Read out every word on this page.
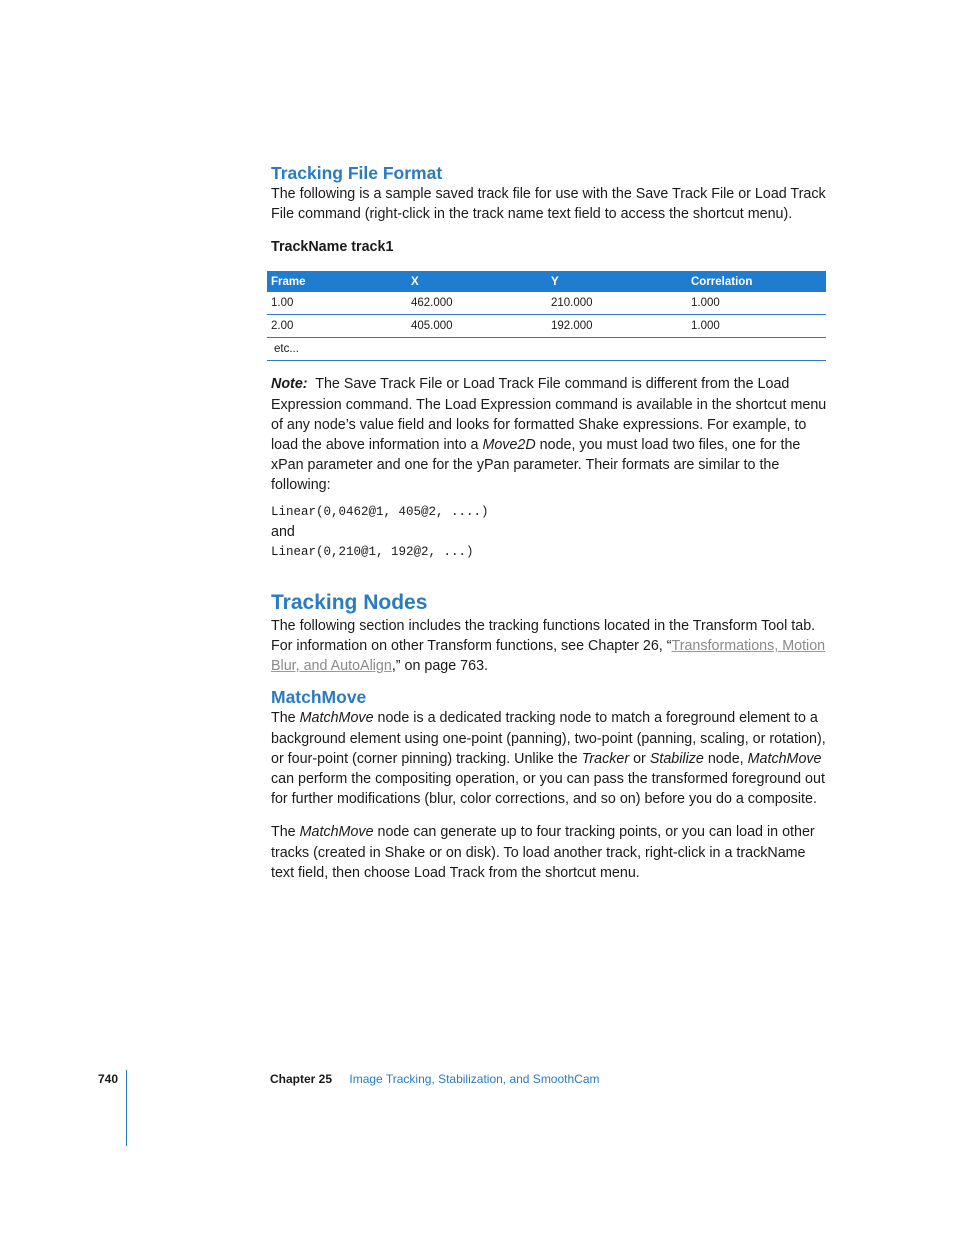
Tracking File Format

The following is a sample saved track file for use with the Save Track File or Load Track File command (right-click in the track name text field to access the shortcut menu).

TrackName track1
Frame	X	Y	Correlation
1.00	462.000	210.000	1.000
2.00	405.000	192.000	1.000
etc...			

Note: The Save Track File or Load Track File command is different from the Load Expression command. The Load Expression command is available in the shortcut menu of any node’s value field and looks for formatted Shake expressions. For example, to load the above information into a Move2D node, you must load two files, one for the xPan parameter and one for the yPan parameter. Their formats are similar to the following:

Linear(0,0462@1, 405@2, ....)

and

Linear(0,210@1, 192@2, ...)
Tracking Nodes

The following section includes the tracking functions located in the Transform Tool tab. For information on other Transform functions, see Chapter 26, “Transformations, Motion Blur, and AutoAlign,” on page 763.

MatchMove

The MatchMove node is a dedicated tracking node to match a foreground element to a background element using one-point (panning), two-point (panning, scaling, or rotation), or four-point (corner pinning) tracking. Unlike the Tracker or Stabilize node, MatchMove can perform the compositing operation, or you can pass the transformed foreground out for further modifications (blur, color corrections, and so on) before you do a composite.

The MatchMove node can generate up to four tracking points, or you can load in other tracks (created in Shake or on disk). To load another track, right-click in a trackName text field, then choose Load Track from the shortcut menu.

740	Chapter 25 Image Tracking, Stabilization, and SmoothCam
